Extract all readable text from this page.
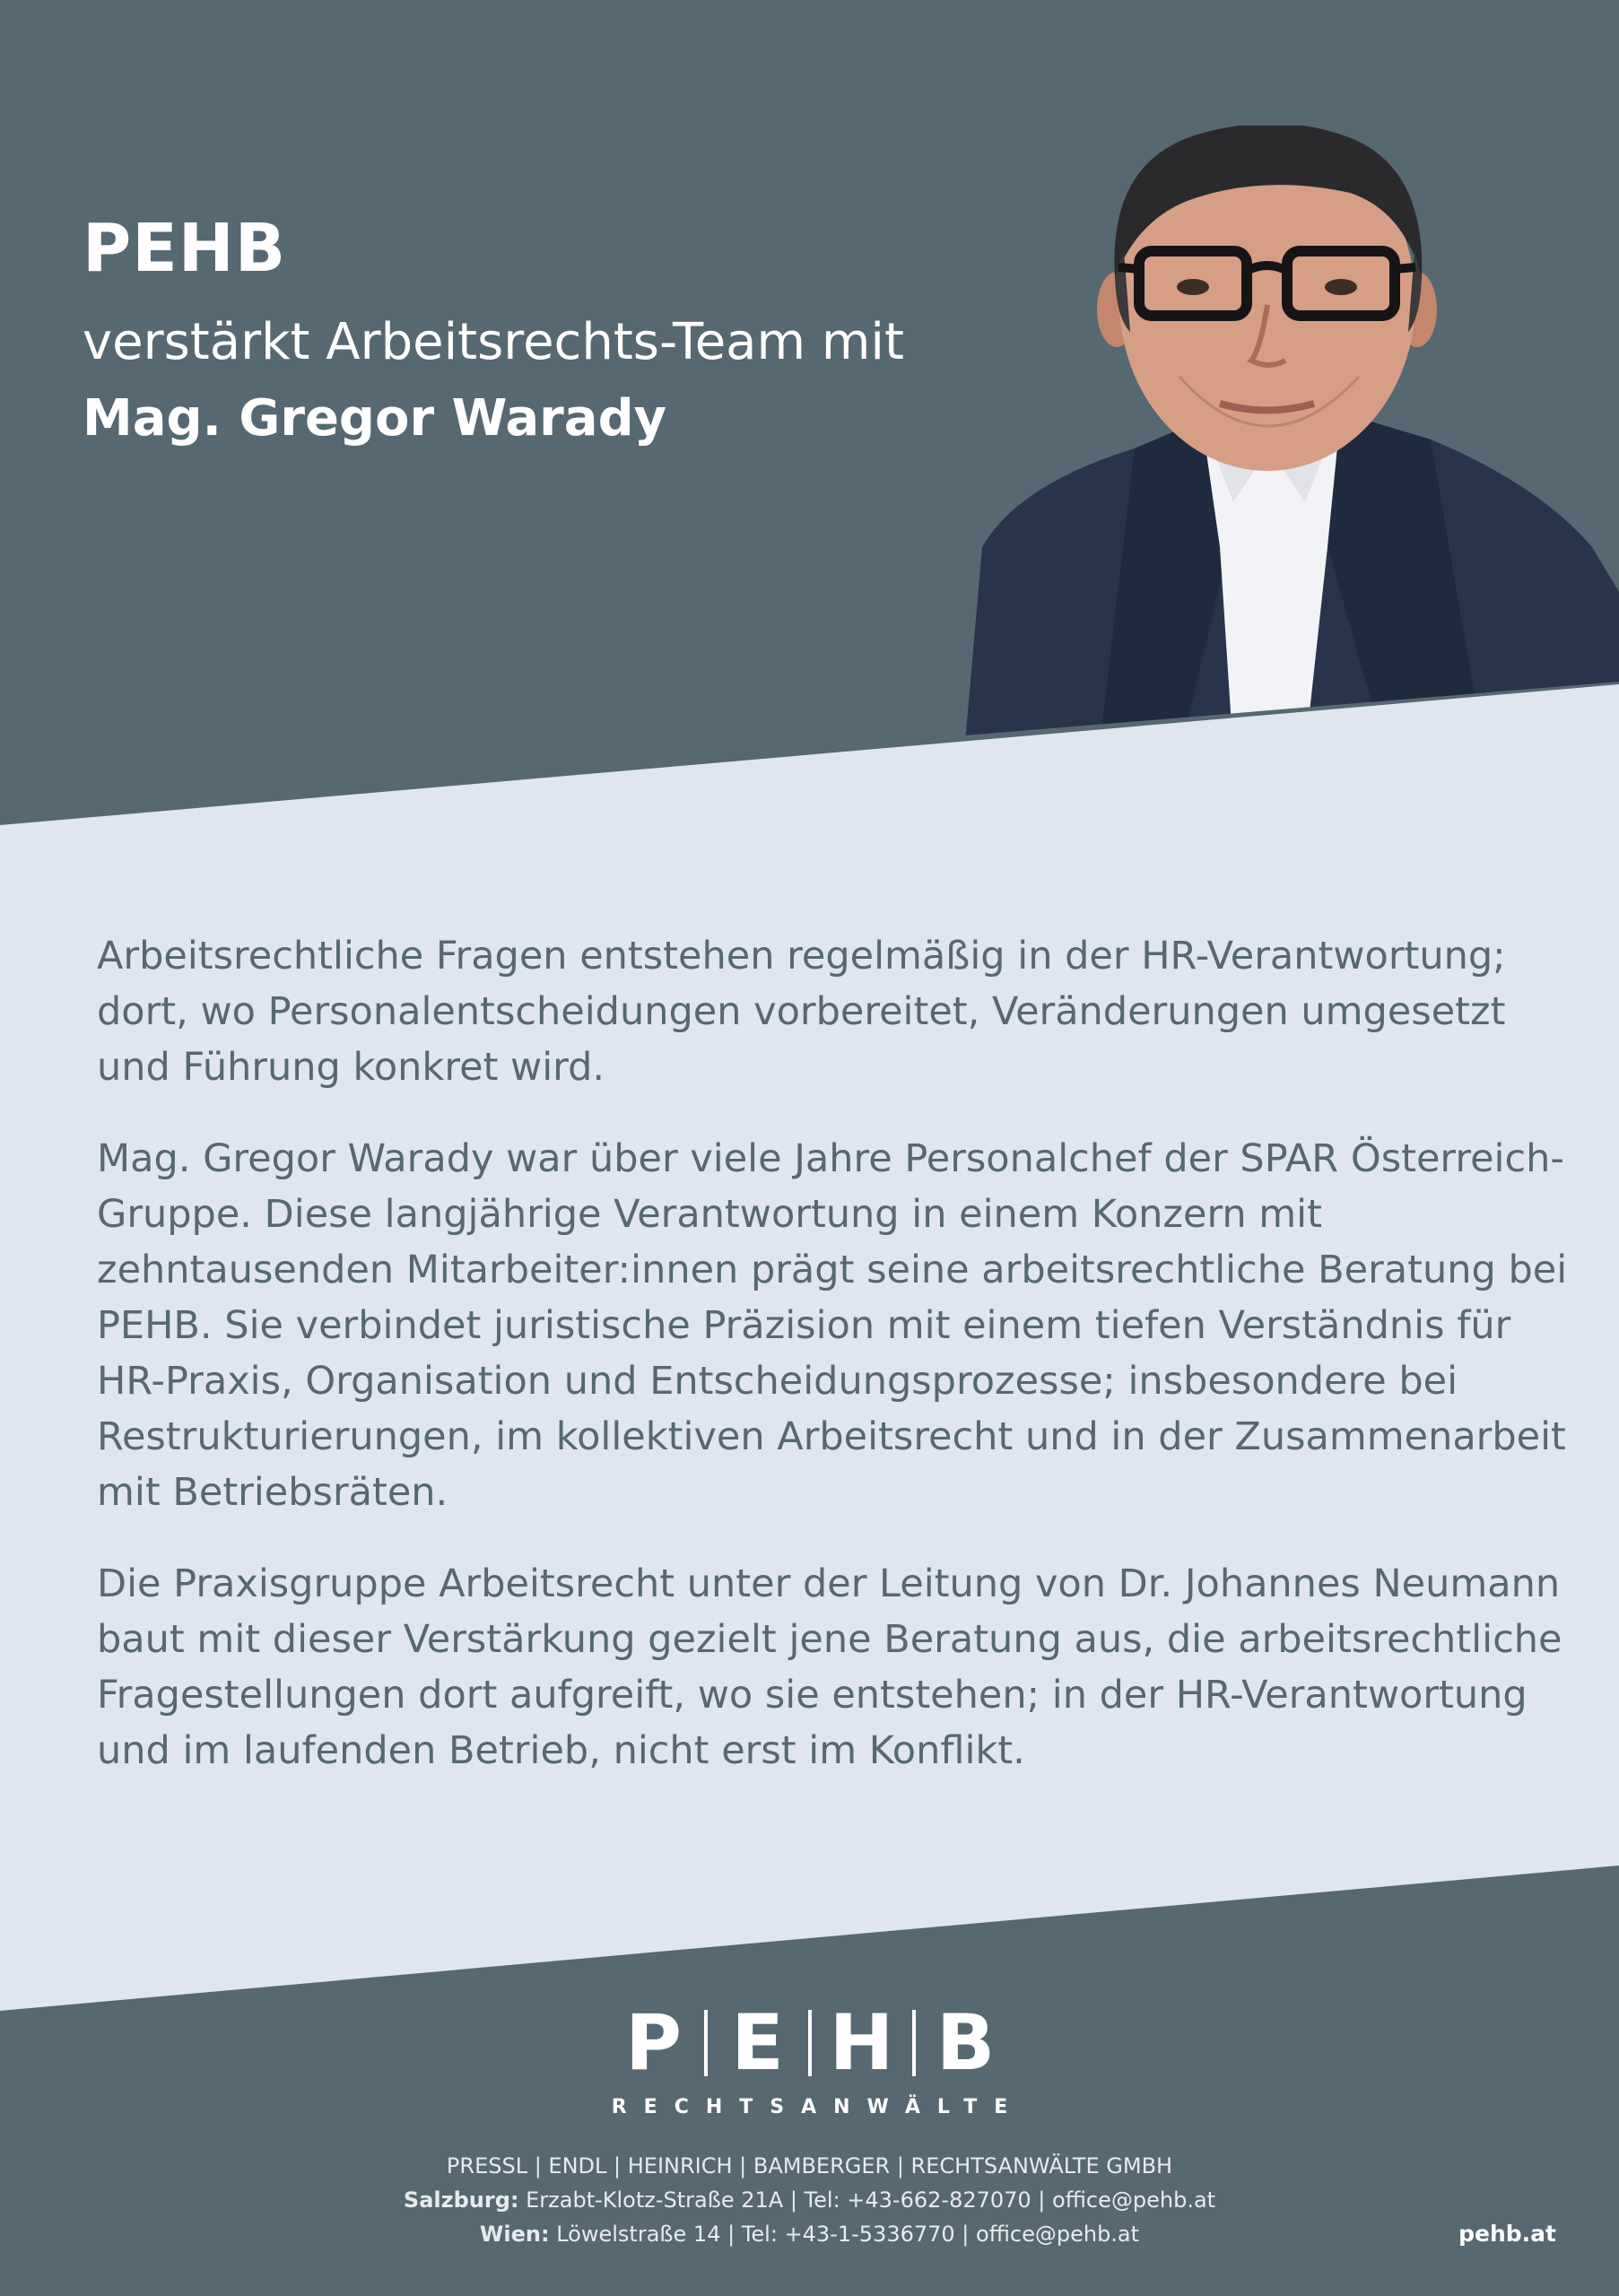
PEHB
verstärkt Arbeitsrechts-Team mit
Mag. Gregor Warady

Arbeitsrechtliche Fragen entstehen regelmäßig in der HR-Verantwortung; dort, wo Personalentscheidungen vorbereitet, Veränderungen umgesetzt und Führung konkret wird.

Mag. Gregor Warady war über viele Jahre Personalchef der SPAR Österreich-Gruppe. Diese langjährige Verantwortung in einem Konzern mit zehntausenden Mitarbeiter:innen prägt seine arbeitsrechtliche Beratung bei PEHB. Sie verbindet juristische Präzision mit einem tiefen Verständnis für HR-Praxis, Organisation und Entscheidungsprozesse; insbesondere bei Restrukturierungen, im kollektiven Arbeitsrecht und in der Zusammenarbeit mit Betriebsräten.

Die Praxisgruppe Arbeitsrecht unter der Leitung von Dr. Johannes Neumann baut mit dieser Verstärkung gezielt jene Beratung aus, die arbeitsrechtliche Fragestellungen dort aufgreift, wo sie entstehen; in der HR-Verantwortung und im laufenden Betrieb, nicht erst im Konflikt.

P E H B
RECHTSANWÄLTE
PRESSL | ENDL | HEINRICH | BAMBERGER | RECHTSANWÄLTE GMBH
Salzburg: Erzabt-Klotz-Straße 21A | Tel: +43-662-827070 | office@pehb.at
Wien: Löwelstraße 14 | Tel: +43-1-5336770 | office@pehb.at	pehb.at
